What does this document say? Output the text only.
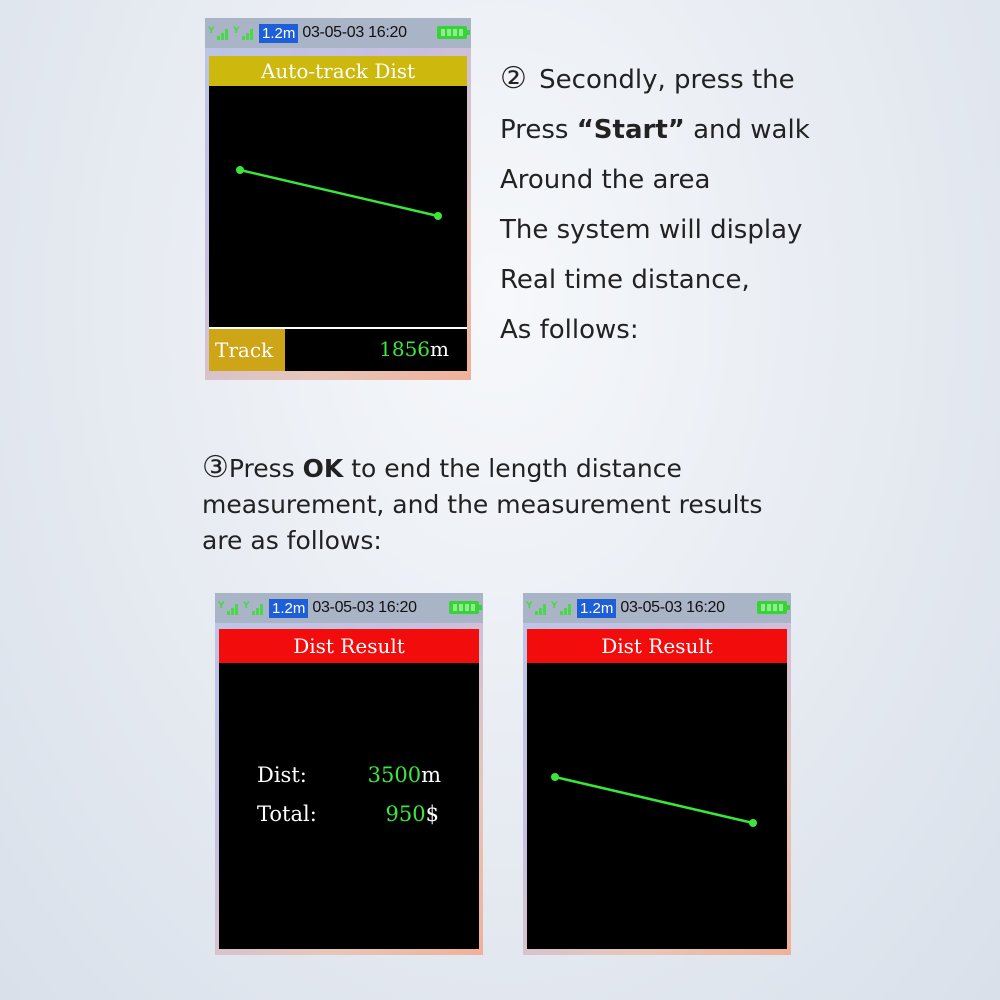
Y Y 1.2m 03-05-03 16:20
Auto-track Dist
Track	1856m
② Secondly, press the
Press “Start” and walk
Around the area
The system will display
Real time distance,
As follows:
③Press OK to end the length distance
measurement, and the measurement results
are as follows:
Y Y 1.2m 03-05-03 16:20
Dist Result
Dist:	3500m
Total:	950$
Y Y 1.2m 03-05-03 16:20
Dist Result
